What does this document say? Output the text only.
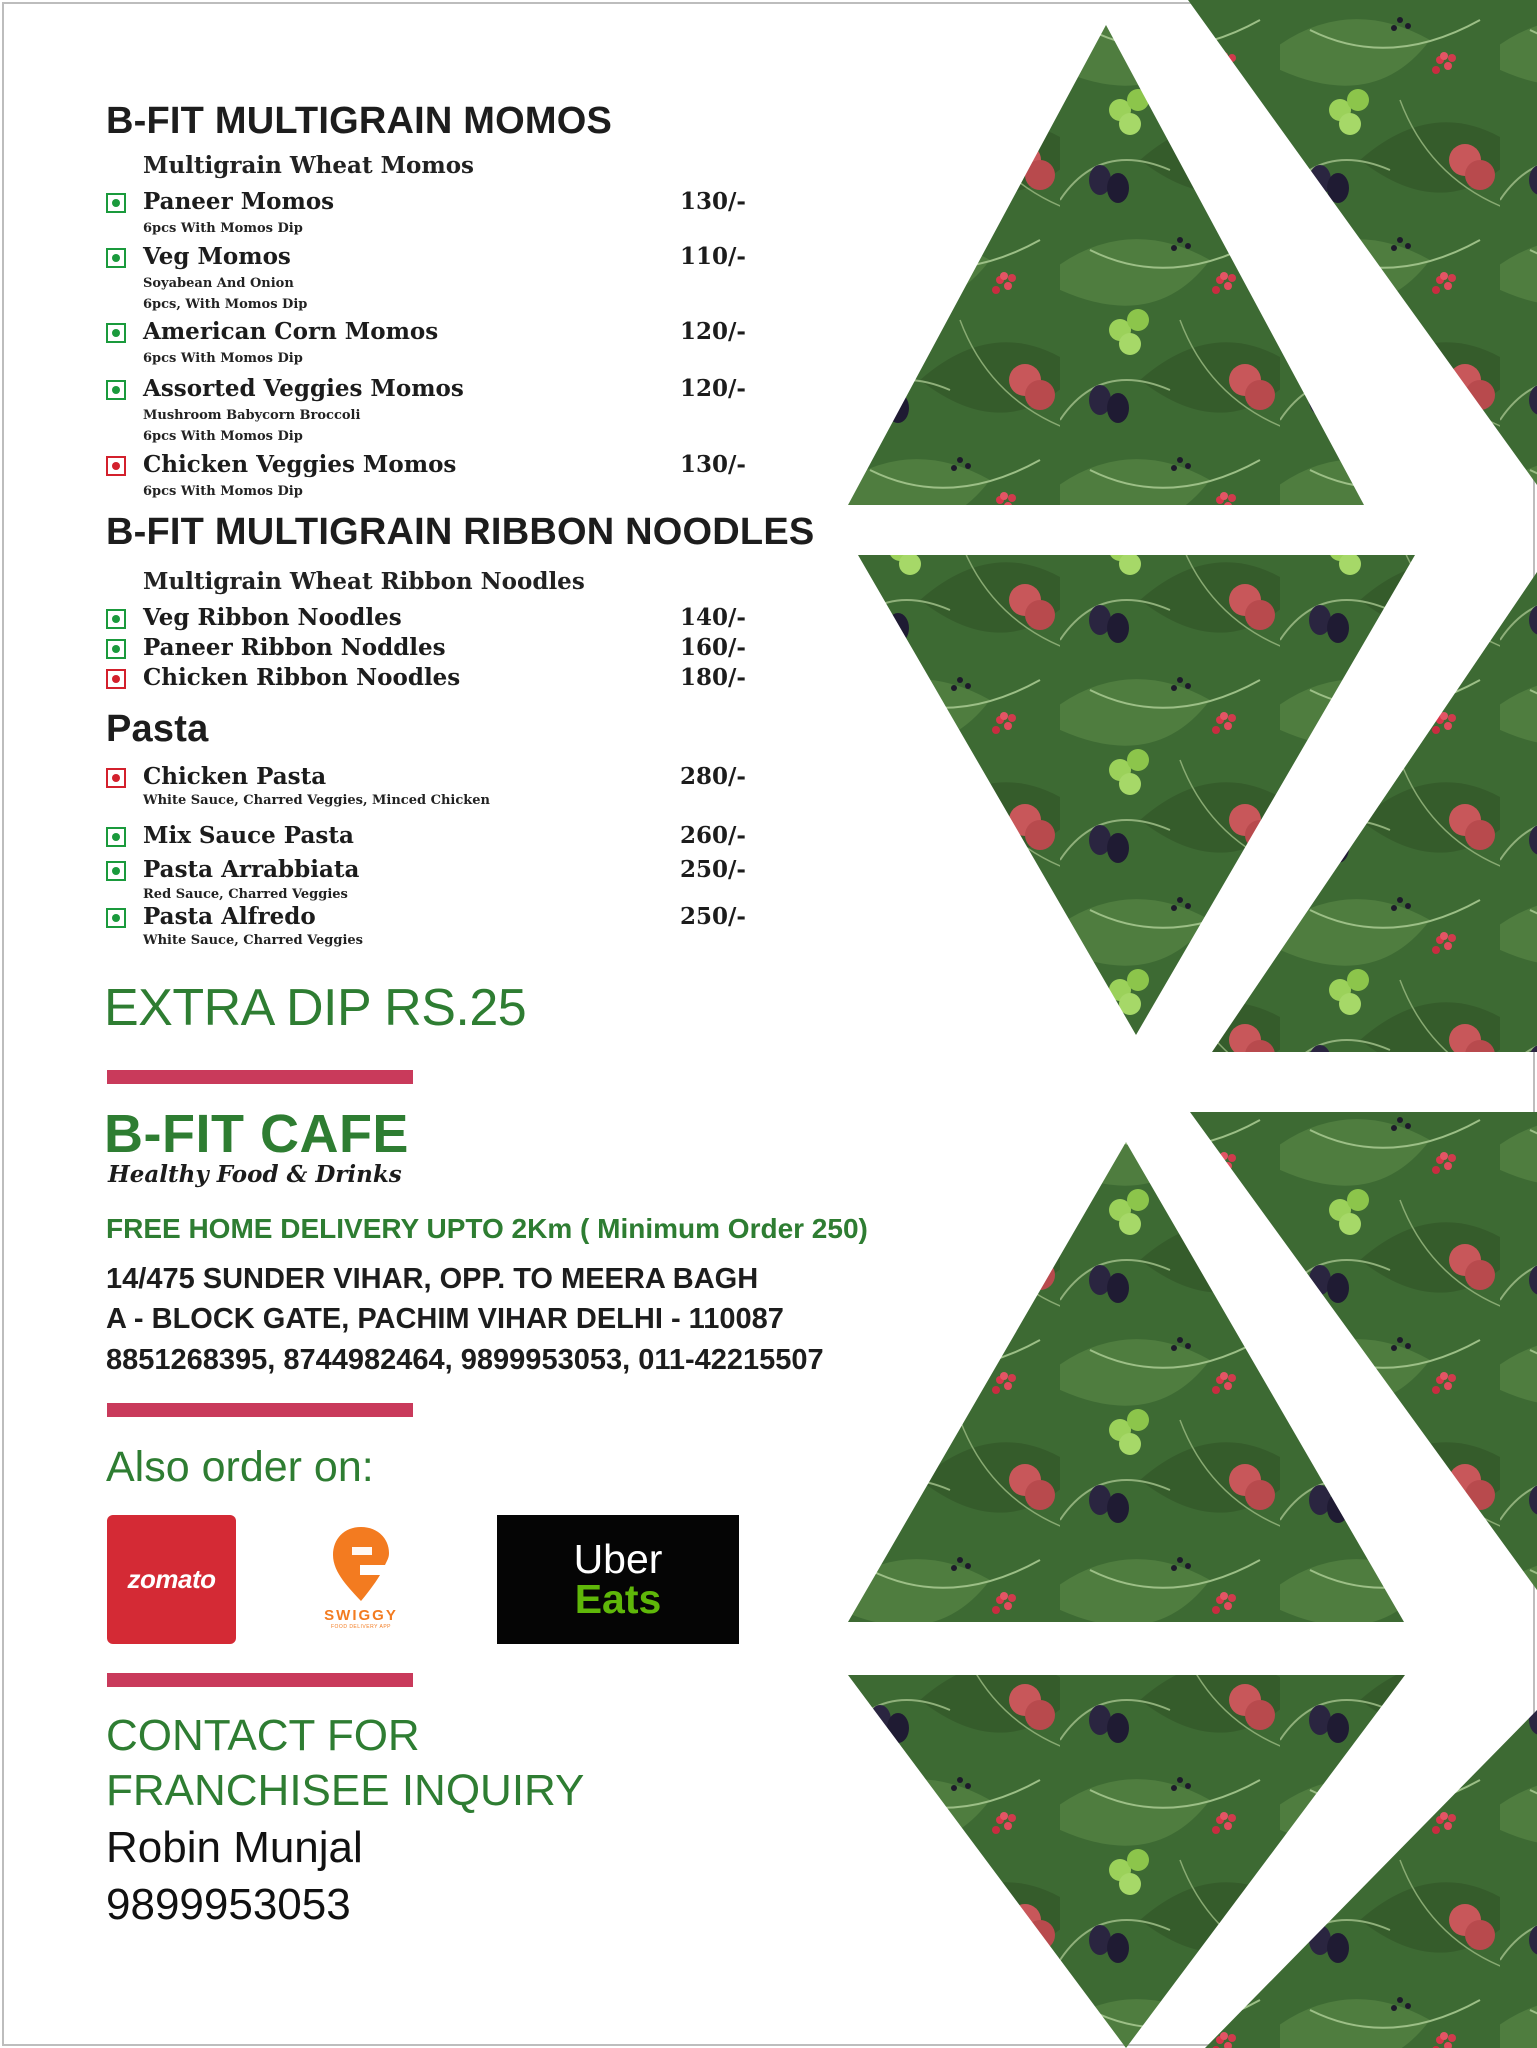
B-FIT MULTIGRAIN MOMOS
Multigrain Wheat Momos
Paneer Momos	130/-
6pcs With Momos Dip
Veg Momos	110/-
Soyabean And Onion
6pcs, With Momos Dip
American Corn Momos	120/-
6pcs With Momos Dip
Assorted Veggies Momos	120/-
Mushroom Babycorn Broccoli
6pcs With Momos Dip
Chicken Veggies Momos	130/-
6pcs With Momos Dip
B-FIT MULTIGRAIN RIBBON NOODLES
Multigrain Wheat Ribbon Noodles
Veg Ribbon Noodles	140/-
Paneer Ribbon Noddles	160/-
Chicken Ribbon Noodles	180/-
Pasta
Chicken Pasta	280/-
White Sauce, Charred Veggies, Minced Chicken
Mix Sauce Pasta	260/-
Pasta Arrabbiata	250/-
Red Sauce, Charred Veggies
Pasta Alfredo	250/-
White Sauce, Charred Veggies
EXTRA DIP RS.25
B-FIT CAFE
Healthy Food & Drinks
FREE HOME DELIVERY UPTO 2Km ( Minimum Order 250)
14/475 SUNDER VIHAR, OPP. TO MEERA BAGH
A - BLOCK GATE, PACHIM VIHAR DELHI - 110087
8851268395, 8744982464, 9899953053, 011-42215507
Also order on:
zomato
SWIGGY
FOOD DELIVERY APP
Uber
Eats
CONTACT FOR
FRANCHISEE INQUIRY
Robin Munjal
9899953053
